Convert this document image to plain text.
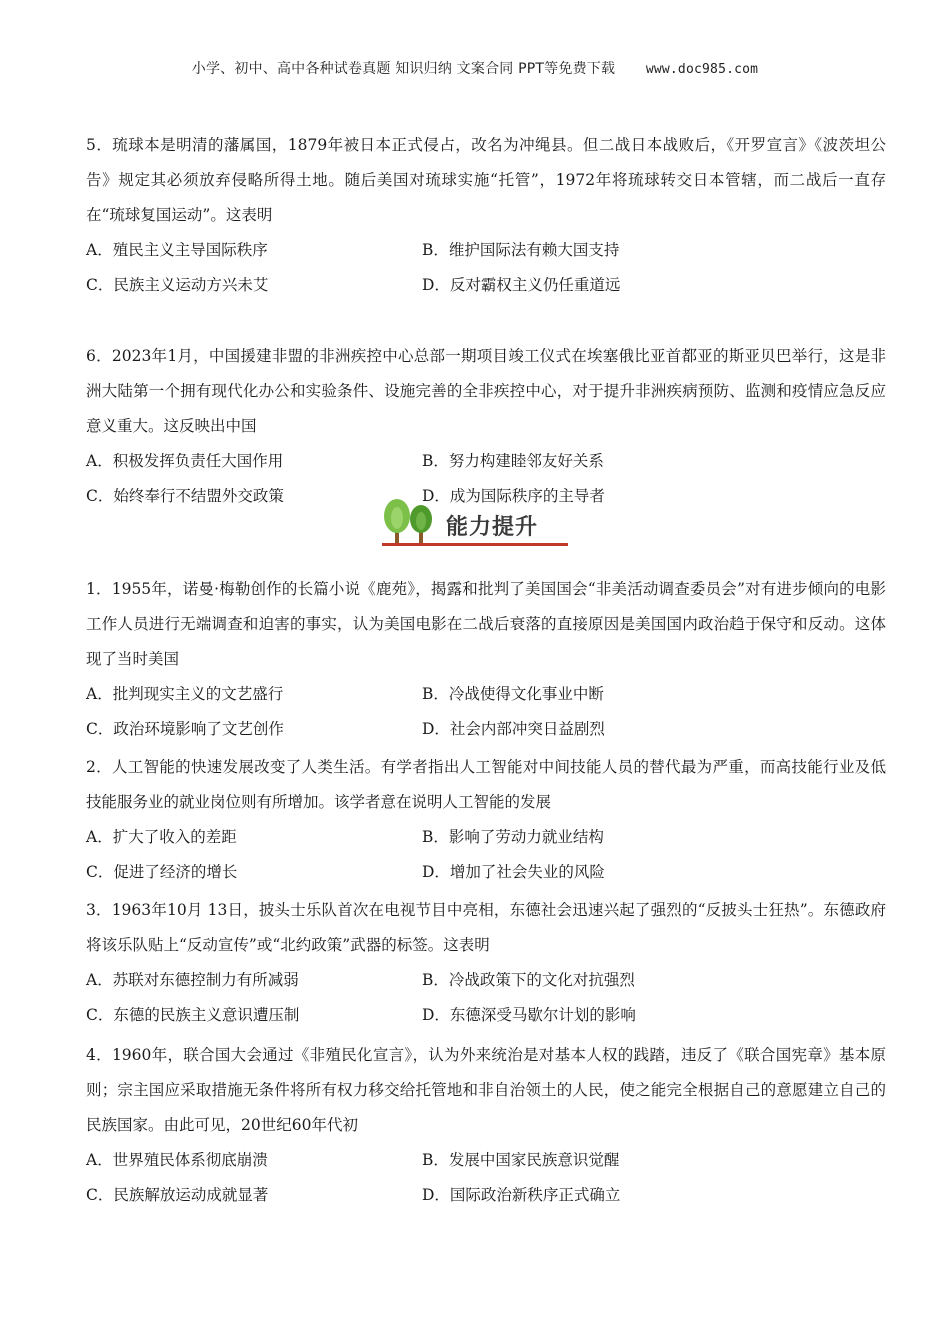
小学、初中、高中各种试卷真题 知识归纳 文案合同 PPT等免费下载 www.doc985.com

5．琉球本是明清的藩属国，1879年被日本正式侵占，改名为冲绳县。但二战日本战败后，《开罗宣言》《波茨坦公告》规定其必须放弃侵略所得土地。随后美国对琉球实施“托管”，1972年将琉球转交日本管辖，而二战后一直存在“琉球复国运动”。这表明

A．殖民主义主导国际秩序	B．维护国际法有赖大国支持
C．民族主义运动方兴未艾	D．反对霸权主义仍任重道远

6．2023年1月，中国援建非盟的非洲疾控中心总部一期项目竣工仪式在埃塞俄比亚首都亚的斯亚贝巴举行，这是非洲大陆第一个拥有现代化办公和实验条件、设施完善的全非疾控中心，对于提升非洲疾病预防、监测和疫情应急反应意义重大。这反映出中国

A．积极发挥负责任大国作用	B．努力构建睦邻友好关系
C．始终奉行不结盟外交政策	D．成为国际秩序的主导者
能力提升

1．1955年，诺曼·梅勒创作的长篇小说《鹿苑》，揭露和批判了美国国会“非美活动调查委员会”对有进步倾向的电影工作人员进行无端调查和迫害的事实，认为美国电影在二战后衰落的直接原因是美国国内政治趋于保守和反动。这体现了当时美国

A．批判现实主义的文艺盛行	B．冷战使得文化事业中断
C．政治环境影响了文艺创作	D．社会内部冲突日益剧烈

2．人工智能的快速发展改变了人类生活。有学者指出人工智能对中间技能人员的替代最为严重，而高技能行业及低技能服务业的就业岗位则有所增加。该学者意在说明人工智能的发展

A．扩大了收入的差距	B．影响了劳动力就业结构
C．促进了经济的增长	D．增加了社会失业的风险

3．1963年10月 13日，披头士乐队首次在电视节目中亮相，东德社会迅速兴起了强烈的“反披头士狂热”。东德政府将该乐队贴上“反动宣传”或“北约政策”武器的标签。这表明

A．苏联对东德控制力有所减弱	B．冷战政策下的文化对抗强烈
C．东德的民族主义意识遭压制	D．东德深受马歇尔计划的影响

4．1960年，联合国大会通过《非殖民化宣言》，认为外来统治是对基本人权的践踏，违反了《联合国宪章》基本原则；宗主国应采取措施无条件将所有权力移交给托管地和非自治领土的人民，使之能完全根据自己的意愿建立自己的民族国家。由此可见，20世纪60年代初

A．世界殖民体系彻底崩溃	B．发展中国家民族意识觉醒
C．民族解放运动成就显著	D．国际政治新秩序正式确立
